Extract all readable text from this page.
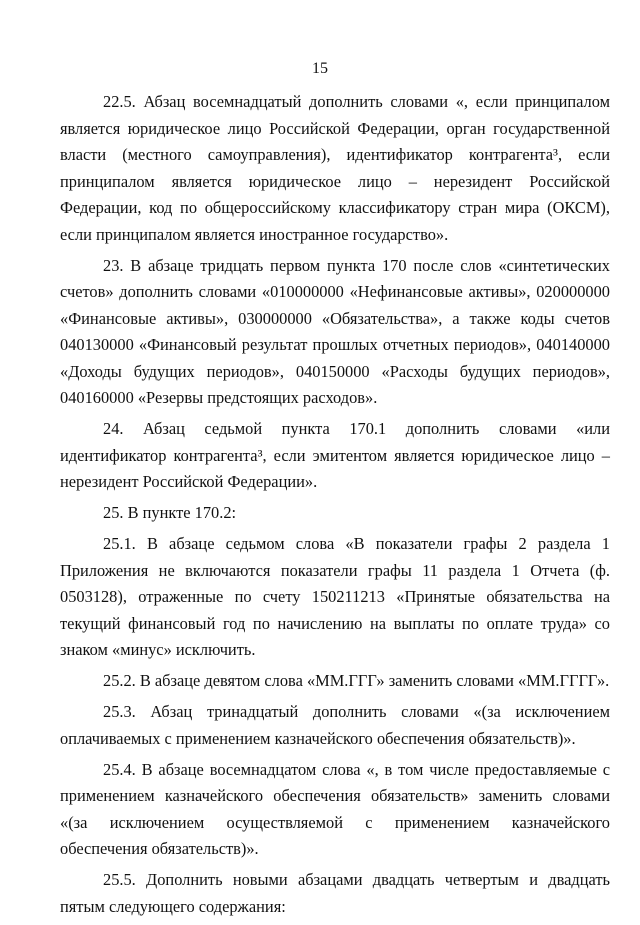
15

22.5. Абзац восемнадцатый дополнить словами «, если принципалом является юридическое лицо Российской Федерации, орган государственной власти (местного самоуправления), идентификатор контрагента³, если принципалом является юридическое лицо – нерезидент Российской Федерации, код по общероссийскому классификатору стран мира (ОКСМ), если принципалом является иностранное государство».

23. В абзаце тридцать первом пункта 170 после слов «синтетических счетов» дополнить словами «010000000 «Нефинансовые активы», 020000000 «Финансовые активы», 030000000 «Обязательства», а также коды счетов 040130000 «Финансовый результат прошлых отчетных периодов», 040140000 «Доходы будущих периодов», 040150000 «Расходы будущих периодов», 040160000 «Резервы предстоящих расходов».

24. Абзац седьмой пункта 170.1 дополнить словами «или идентификатор контрагента³, если эмитентом является юридическое лицо – нерезидент Российской Федерации».

25. В пункте 170.2:

25.1. В абзаце седьмом слова «В показатели графы 2 раздела 1 Приложения не включаются показатели графы 11 раздела 1 Отчета (ф. 0503128), отраженные по счету 150211213 «Принятые обязательства на текущий финансовый год по начислению на выплаты по оплате труда» со знаком «минус» исключить.

25.2. В абзаце девятом слова «ММ.ГГГ» заменить словами «ММ.ГГГГ».

25.3. Абзац тринадцатый дополнить словами «(за исключением оплачиваемых с применением казначейского обеспечения обязательств)».

25.4. В абзаце восемнадцатом слова «, в том числе предоставляемые с применением казначейского обеспечения обязательств» заменить словами «(за исключением осуществляемой с применением казначейского обеспечения обязательств)».

25.5. Дополнить новыми абзацами двадцать четвертым и двадцать пятым следующего содержания:
